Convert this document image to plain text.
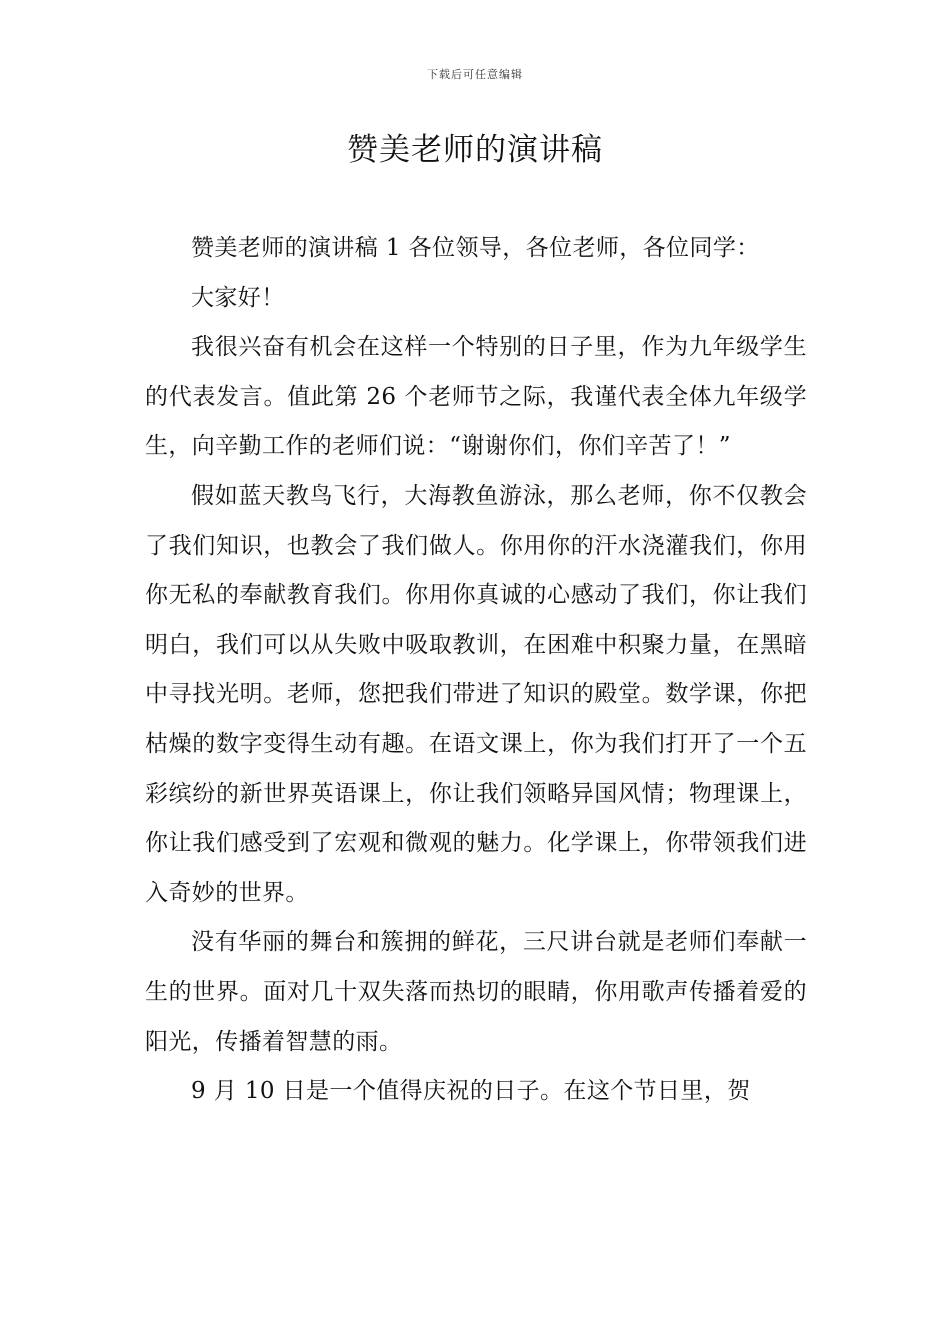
下载后可任意编辑
赞美老师的演讲稿

赞美老师的演讲稿 1 各位领导，各位老师，各位同学：

大家好！

我很兴奋有机会在这样一个特别的日子里，作为九年级学生的代表发言。值此第 26 个老师节之际，我谨代表全体九年级学生，向辛勤工作的老师们说：“谢谢你们，你们辛苦了！”

假如蓝天教鸟飞行，大海教鱼游泳，那么老师，你不仅教会了我们知识，也教会了我们做人。你用你的汗水浇灌我们，你用你无私的奉献教育我们。你用你真诚的心感动了我们，你让我们明白，我们可以从失败中吸取教训，在困难中积聚力量，在黑暗中寻找光明。老师，您把我们带进了知识的殿堂。数学课，你把枯燥的数字变得生动有趣。在语文课上，你为我们打开了一个五彩缤纷的新世界英语课上，你让我们领略异国风情；物理课上，你让我们感受到了宏观和微观的魅力。化学课上，你带领我们进入奇妙的世界。

没有华丽的舞台和簇拥的鲜花，三尺讲台就是老师们奉献一生的世界。面对几十双失落而热切的眼睛，你用歌声传播着爱的阳光，传播着智慧的雨。

9 月 10 日是一个值得庆祝的日子。在这个节日里，贺
